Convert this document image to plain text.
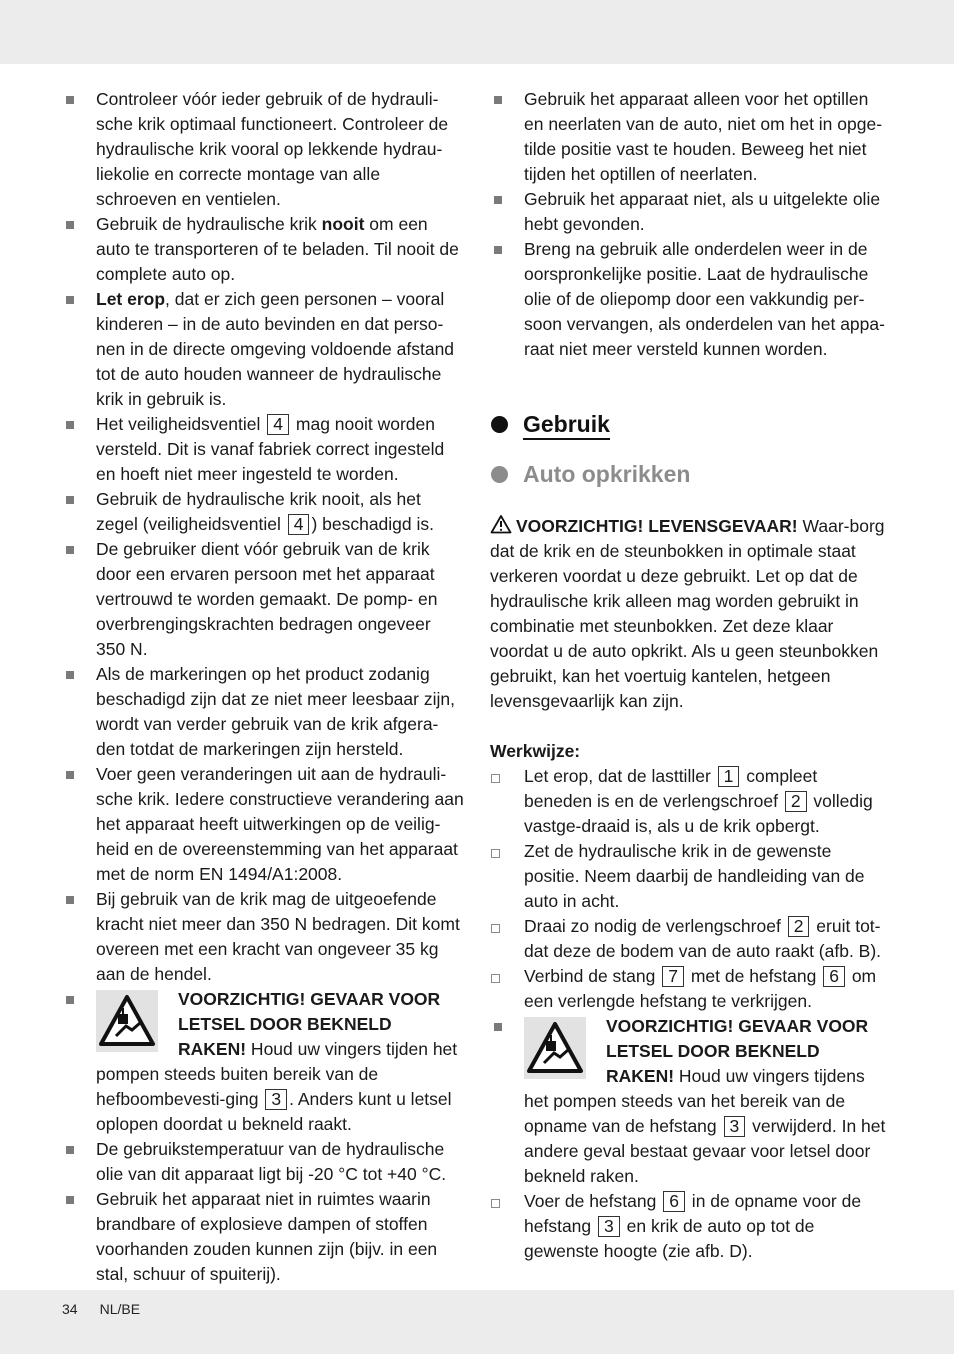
Controleer vóór ieder gebruik of de hydrauli-sche krik optimaal functioneert. Controleer de hydraulische krik vooral op lekkende hydrau-liekolie en correcte montage van alle schroeven en ventielen.
Gebruik de hydraulische krik nooit om een auto te transporteren of te beladen. Til nooit de complete auto op.
Let erop, dat er zich geen personen – vooral kinderen – in de auto bevinden en dat perso-nen in de directe omgeving voldoende afstand tot de auto houden wanneer de hydraulische krik in gebruik is.
Het veiligheidsventiel 4 mag nooit worden versteld. Dit is vanaf fabriek correct ingesteld en hoeft niet meer ingesteld te worden.
Gebruik de hydraulische krik nooit, als het zegel (veiligheidsventiel 4 ) beschadigd is.
De gebruiker dient vóór gebruik van de krik door een ervaren persoon met het apparaat vertrouwd te worden gemaakt. De pomp- en overbrengingskrachten bedragen ongeveer 350 N.
Als de markeringen op het product zodanig beschadigd zijn dat ze niet meer leesbaar zijn, wordt van verder gebruik van de krik afgera-den totdat de markeringen zijn hersteld.
Voer geen veranderingen uit aan de hydrauli-sche krik. Iedere constructieve verandering aan het apparaat heeft uitwerkingen op de veilig-heid en de overeenstemming van het apparaat met de norm EN 1494/A1:2008.
Bij gebruik van de krik mag de uitgeoefende kracht niet meer dan 350 N bedragen. Dit komt overeen met een kracht van ongeveer 35 kg aan de hendel.
VOORZICHTIG! GEVAAR VOOR LETSEL DOOR BEKNELD RAKEN! Houd uw vingers tijden het pompen steeds buiten bereik van de hefboombevesti-ging 3 . Anders kunt u letsel oplopen doordat u bekneld raakt.
De gebruikstemperatuur van de hydraulische olie van dit apparaat ligt bij -20 °C tot +40 °C.
Gebruik het apparaat niet in ruimtes waarin brandbare of explosieve dampen of stoffen voorhanden zouden kunnen zijn (bijv. in een stal, schuur of spuiterij).
Gebruik het apparaat alleen voor het optillen en neerlaten van de auto, niet om het in opge-tilde positie vast te houden. Beweeg het niet tijden het optillen of neerlaten.
Gebruik het apparaat niet, als u uitgelekte olie hebt gevonden.
Breng na gebruik alle onderdelen weer in de oorspronkelijke positie. Laat de hydraulische olie of de oliepomp door een vakkundig per-soon vervangen, als onderdelen van het appa-raat niet meer versteld kunnen worden.
Gebruik
Auto opkrikken

VOORZICHTIG! LEVENSGEVAAR! Waar-borg dat de krik en de steunbokken in optimale staat verkeren voordat u deze gebruikt. Let op dat de hydraulische krik alleen mag worden gebruikt in combinatie met steunbokken. Zet deze klaar voordat u de auto opkrikt. Als u geen steunbokken gebruikt, kan het voertuig kantelen, hetgeen levensgevaarlijk kan zijn.

Werkwijze:

Let erop, dat de lasttiller 1 compleet beneden is en de verlengschroef 2 volledig vastge-draaid is, als u de krik opbergt.
Zet de hydraulische krik in de gewenste positie. Neem daarbij de handleiding van de auto in acht.
Draai zo nodig de verlengschroef 2 eruit tot-dat deze de bodem van de auto raakt (afb. B).
Verbind de stang 7 met de hefstang 6 om een verlengde hefstang te verkrijgen.
VOORZICHTIG! GEVAAR VOOR LETSEL DOOR BEKNELD RAKEN! Houd uw vingers tijdens het pompen steeds van het bereik van de opname van de hefstang 3 verwijderd. In het andere geval bestaat gevaar voor letsel door bekneld raken.
Voer de hefstang 6 in de opname voor de hefstang 3 en krik de auto op tot de gewenste hoogte (zie afb. D).
34 NL/BE
